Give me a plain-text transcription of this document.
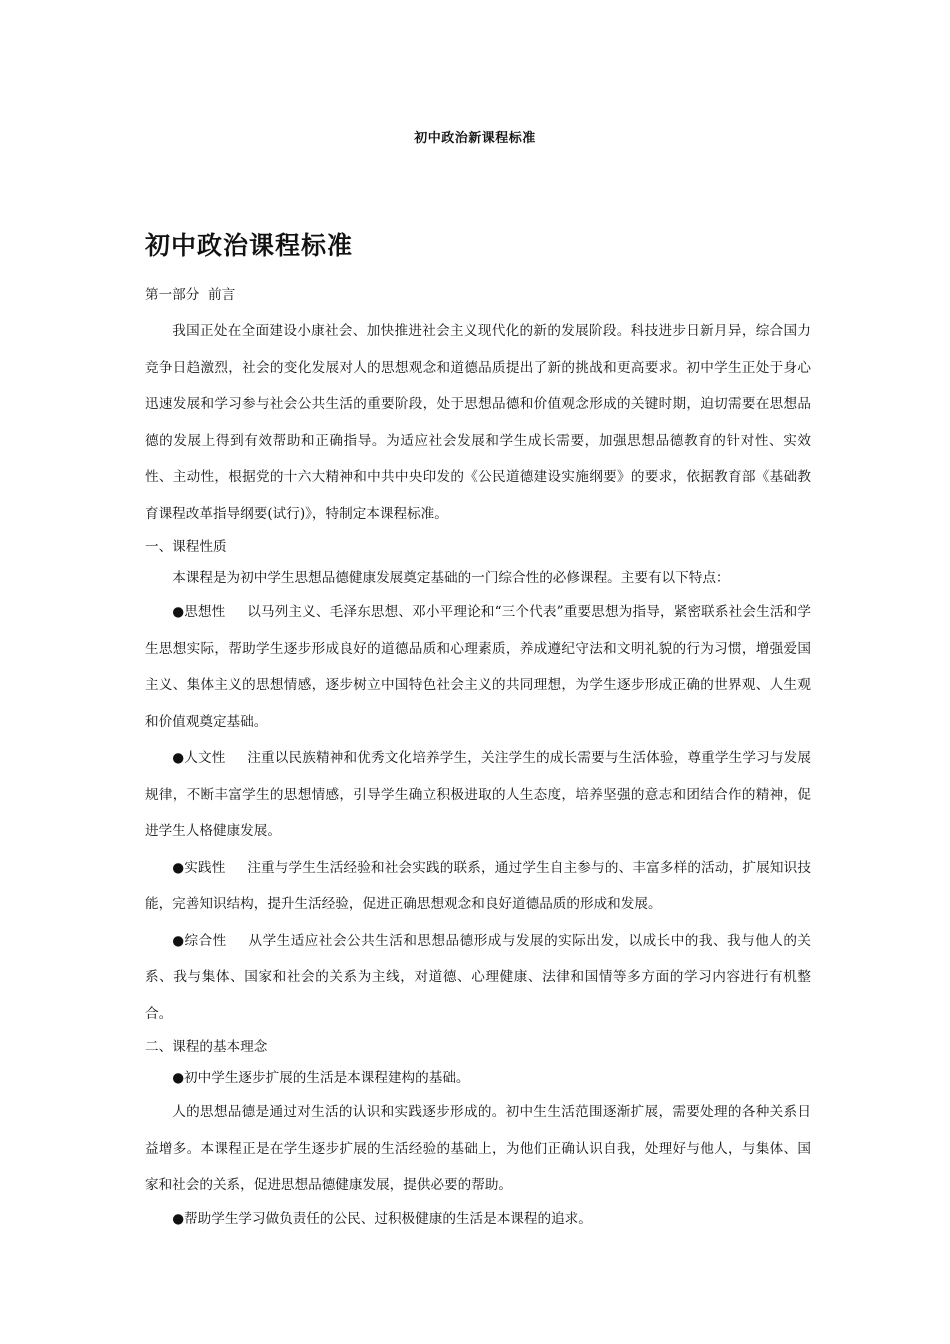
初中政治新课程标准
初中政治课程标准
第一部分  前言

我国正处在全面建设小康社会、加快推进社会主义现代化的新的发展阶段。科技进步日新月异，综合国力竞争日趋激烈，社会的变化发展对人的思想观念和道德品质提出了新的挑战和更高要求。初中学生正处于身心迅速发展和学习参与社会公共生活的重要阶段，处于思想品德和价值观念形成的关键时期，迫切需要在思想品德的发展上得到有效帮助和正确指导。为适应社会发展和学生成长需要，加强思想品德教育的针对性、实效性、主动性，根据党的十六大精神和中共中央印发的《公民道德建设实施纲要》的要求，依据教育部《基础教育课程改革指导纲要(试行)》，特制定本课程标准。

一、课程性质

本课程是为初中学生思想品德健康发展奠定基础的一门综合性的必修课程。主要有以下特点：

●思想性 以马列主义、毛泽东思想、邓小平理论和“三个代表”重要思想为指导，紧密联系社会生活和学生思想实际，帮助学生逐步形成良好的道德品质和心理素质，养成遵纪守法和文明礼貌的行为习惯，增强爱国主义、集体主义的思想情感，逐步树立中国特色社会主义的共同理想，为学生逐步形成正确的世界观、人生观和价值观奠定基础。

●人文性 注重以民族精神和优秀文化培养学生，关注学生的成长需要与生活体验，尊重学生学习与发展规律，不断丰富学生的思想情感，引导学生确立积极进取的人生态度，培养坚强的意志和团结合作的精神，促进学生人格健康发展。

●实践性 注重与学生生活经验和社会实践的联系，通过学生自主参与的、丰富多样的活动，扩展知识技能，完善知识结构，提升生活经验，促进正确思想观念和良好道德品质的形成和发展。

●综合性 从学生适应社会公共生活和思想品德形成与发展的实际出发，以成长中的我、我与他人的关系、我与集体、国家和社会的关系为主线，对道德、心理健康、法律和国情等多方面的学习内容进行有机整合。

二、课程的基本理念

●初中学生逐步扩展的生活是本课程建构的基础。

人的思想品德是通过对生活的认识和实践逐步形成的。初中生生活范围逐渐扩展，需要处理的各种关系日益增多。本课程正是在学生逐步扩展的生活经验的基础上，为他们正确认识自我，处理好与他人，与集体、国家和社会的关系，促进思想品德健康发展，提供必要的帮助。

●帮助学生学习做负责任的公民、过积极健康的生活是本课程的追求。
